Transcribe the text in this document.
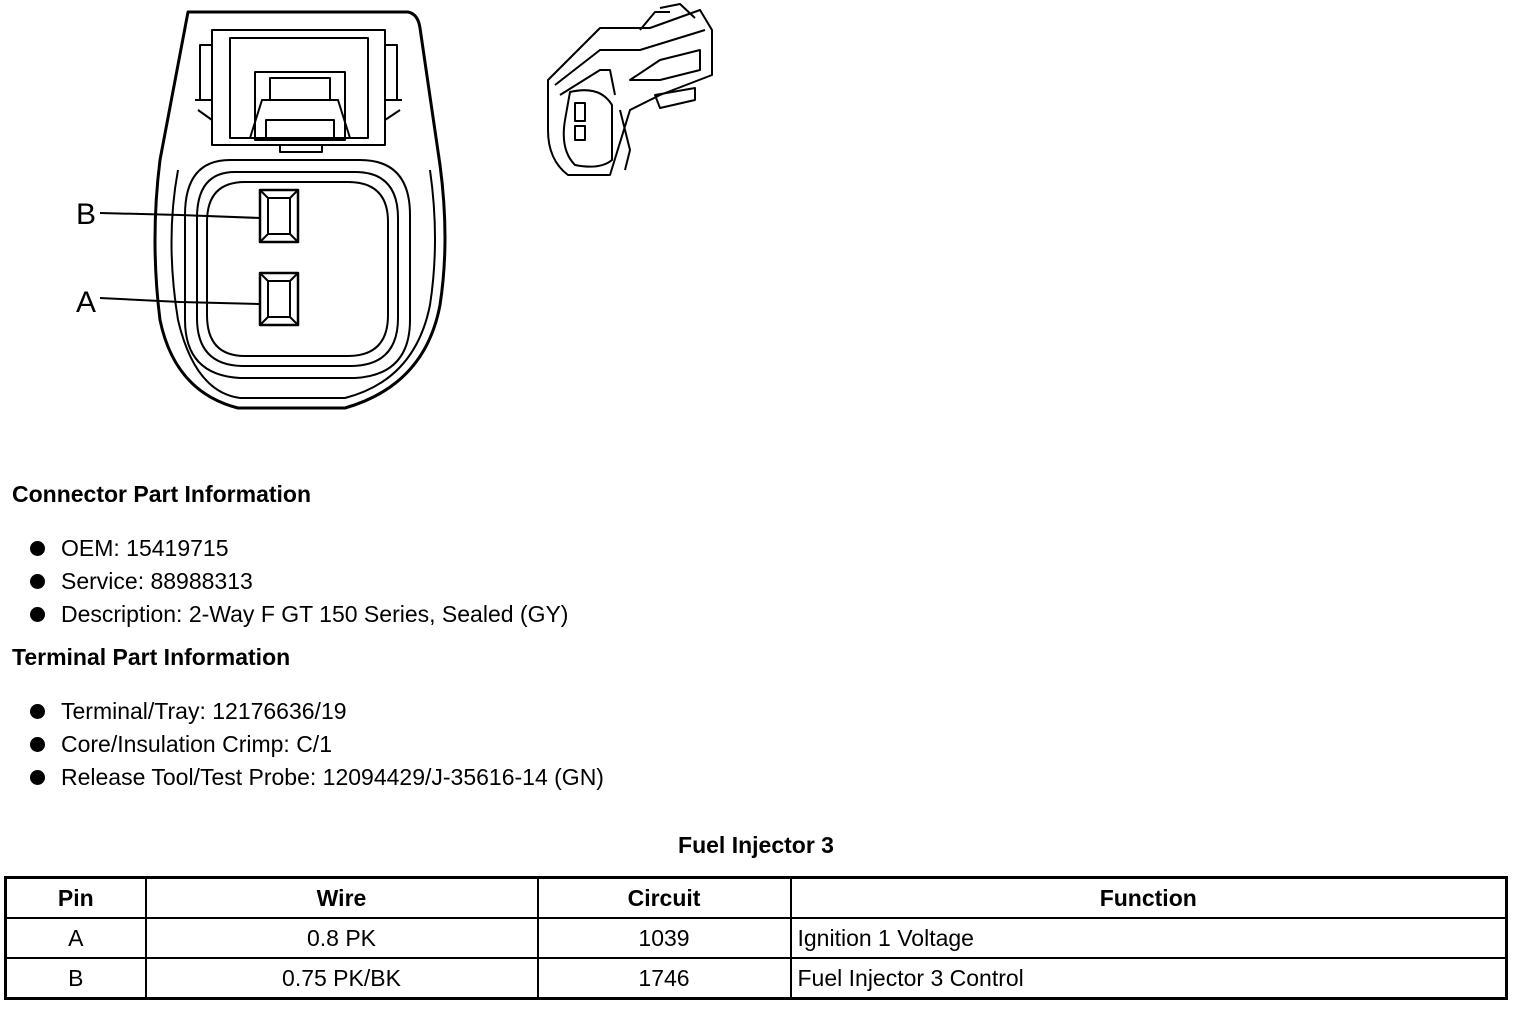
B
A
Connector Part Information
OEM: 15419715
Service: 88988313
Description: 2-Way F GT 150 Series, Sealed (GY)
Terminal Part Information
Terminal/Tray: 12176636/19
Core/Insulation Crimp: C/1
Release Tool/Test Probe: 12094429/J-35616-14 (GN)
Fuel Injector 3
Pin	Wire	Circuit	Function
A	0.8 PK	1039	Ignition 1 Voltage
B	0.75 PK/BK	1746	Fuel Injector 3 Control
